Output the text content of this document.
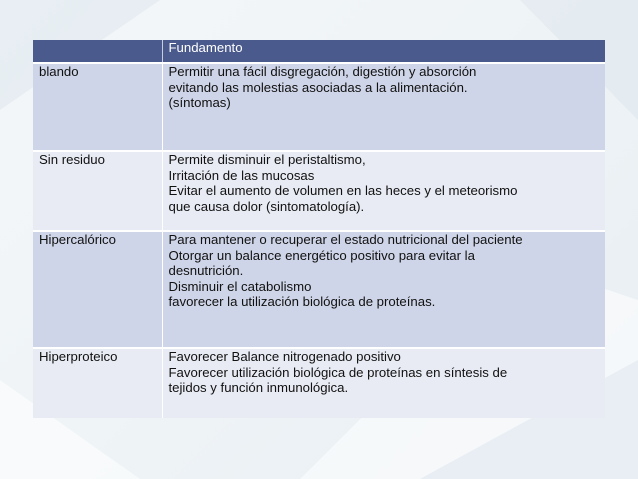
	Fundamento
blando	Permitir una fácil disgregación, digestión y absorción
evitando las molestias asociadas a la alimentación.
(síntomas)

Sin residuo	Permite disminuir el peristaltismo,
Irritación de las mucosas
Evitar el aumento de volumen en las heces y el meteorismo
que causa dolor (sintomatología).

Hipercalórico	Para mantener o recuperar el estado nutricional del paciente
Otorgar un balance energético positivo para evitar la
desnutrición.
Disminuir el catabolismo
favorecer la utilización biológica de proteínas.

Hiperproteico	Favorecer Balance nitrogenado positivo
Favorecer utilización biológica de proteínas en síntesis de
tejidos y función inmunológica.
